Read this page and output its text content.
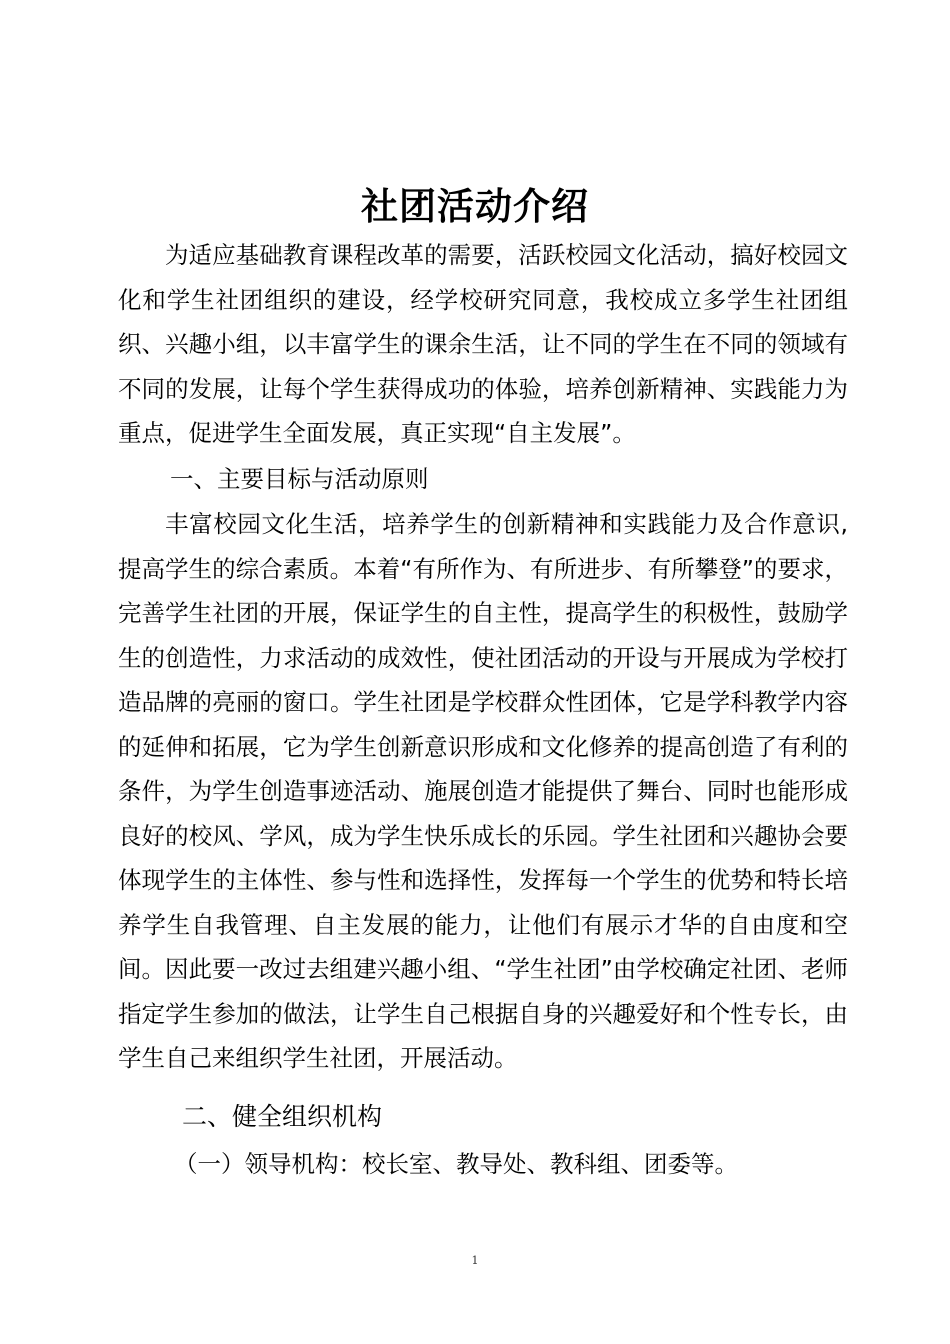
社团活动介绍

为适应基础教育课程改革的需要，活跃校园文化活动，搞好校园文化和学生社团组织的建设，经学校研究同意，我校成立多学生社团组织、兴趣小组，以丰富学生的课余生活，让不同的学生在不同的领域有不同的发展，让每个学生获得成功的体验，培养创新精神、实践能力为重点，促进学生全面发展，真正实现“自主发展”。

一、主要目标与活动原则

丰富校园文化生活，培养学生的创新精神和实践能力及合作意识,提高学生的综合素质。本着“有所作为、有所进步、有所攀登”的要求，完善学生社团的开展，保证学生的自主性，提高学生的积极性，鼓励学生的创造性，力求活动的成效性，使社团活动的开设与开展成为学校打造品牌的亮丽的窗口。学生社团是学校群众性团体，它是学科教学内容的延伸和拓展，它为学生创新意识形成和文化修养的提高创造了有利的条件，为学生创造事迹活动、施展创造才能提供了舞台、同时也能形成良好的校风、学风，成为学生快乐成长的乐园。学生社团和兴趣协会要体现学生的主体性、参与性和选择性，发挥每一个学生的优势和特长培养学生自我管理、自主发展的能力，让他们有展示才华的自由度和空间。因此要一改过去组建兴趣小组、“学生社团”由学校确定社团、老师指定学生参加的做法，让学生自己根据自身的兴趣爱好和个性专长，由学生自己来组织学生社团，开展活动。

二、健全组织机构

（一）领导机构：校长室、教导处、教科组、团委等。

1
